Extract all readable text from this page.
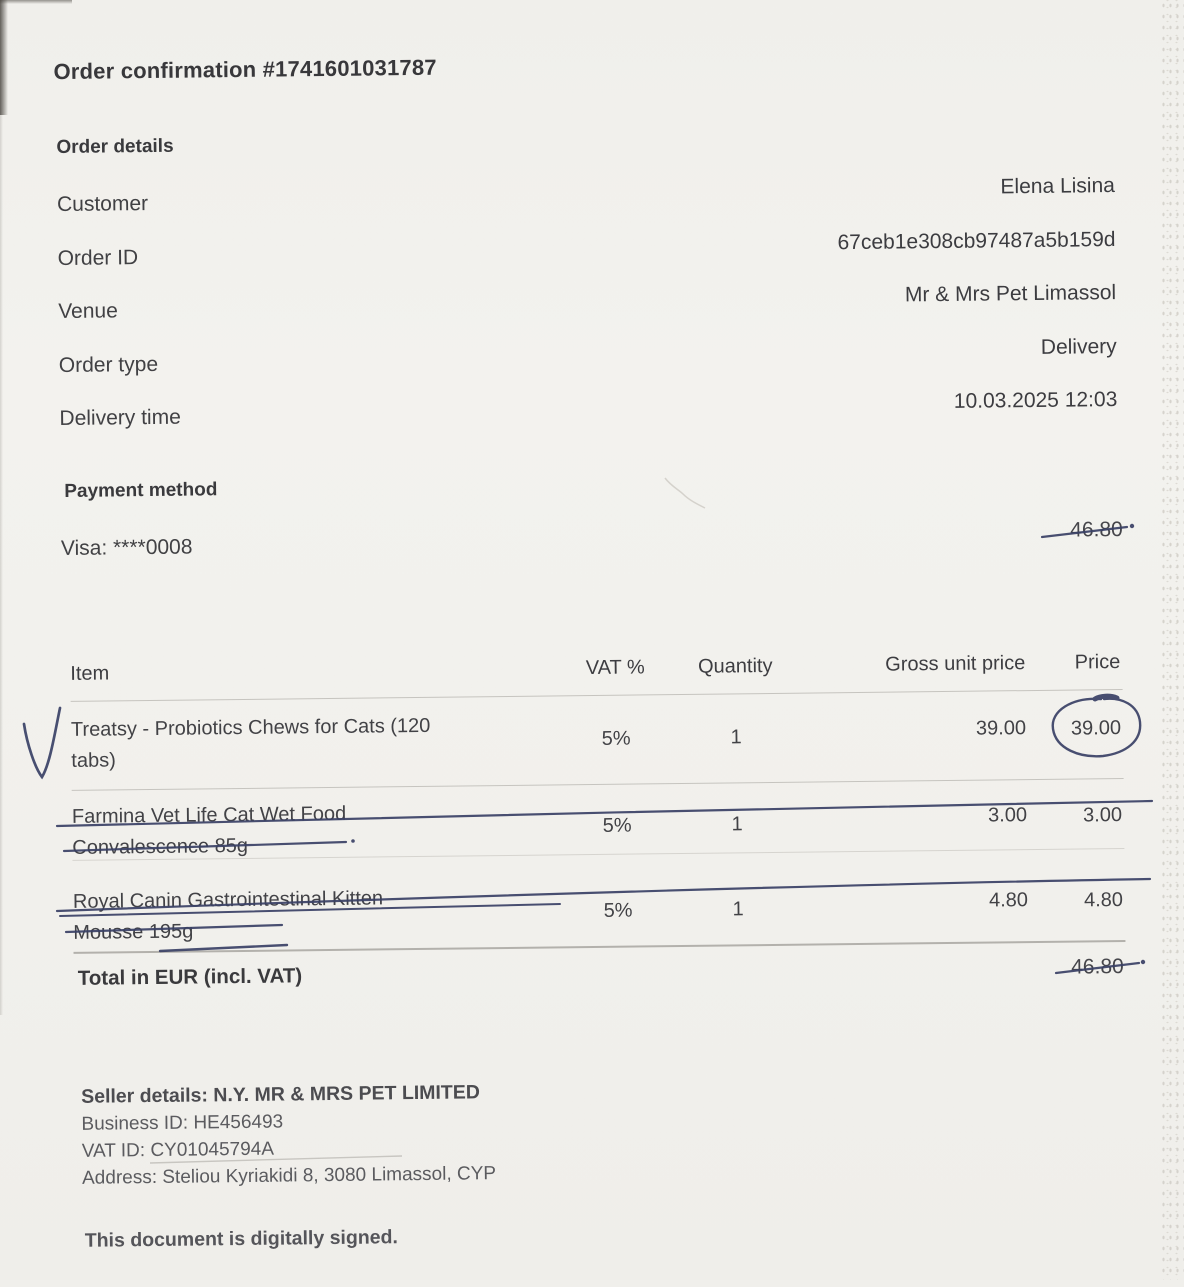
Order confirmation #1741601031787
Order details
Customer
Elena Lisina
Order ID
67ceb1e308cb97487a5b159d
Venue
Mr & Mrs Pet Limassol
Order type
Delivery
Delivery time
10.03.2025 12:03
Payment method
Visa: ****0008
46.80
Item	VAT %	Quantity	Gross unit price	Price
Treatsy - Probiotics Chews for Cats (120
tabs)
5%	1	39.00	39.00
Farmina Vet Life Cat Wet Food
Convalescence 85g
5%	1	3.00	3.00
Royal Canin Gastrointestinal Kitten
Mousse 195g
5%	1	4.80	4.80
Total in EUR (incl. VAT)	46.80
Seller details: N.Y. MR & MRS PET LIMITED
Business ID: HE456493
VAT ID: CY01045794A
Address: Steliou Kyriakidi 8, 3080 Limassol, CYP
This document is digitally signed.
